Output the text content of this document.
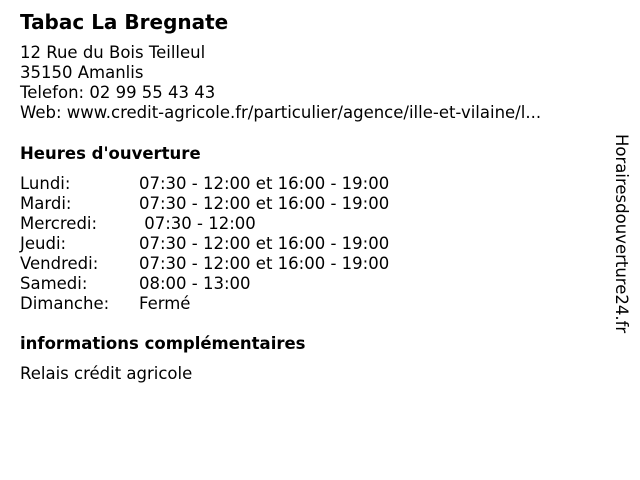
Tabac La Bregnate
12 Rue du Bois Teilleul
35150 Amanlis
Telefon: 02 99 55 43 43
Web: www.credit-agricole.fr/particulier/agence/ille-et-vilaine/l...
Heures d'ouverture
Lundi:	07:30 - 12:00 et 16:00 - 19:00
Mardi:	07:30 - 12:00 et 16:00 - 19:00
Mercredi:	07:30 - 12:00
Jeudi:	07:30 - 12:00 et 16:00 - 19:00
Vendredi: 07:30 - 12:00 et 16:00 - 19:00
Samedi:	08:00 - 13:00
Dimanche: Fermé
informations complémentaires
Relais crédit agricole
Horairesdouverture24.fr
